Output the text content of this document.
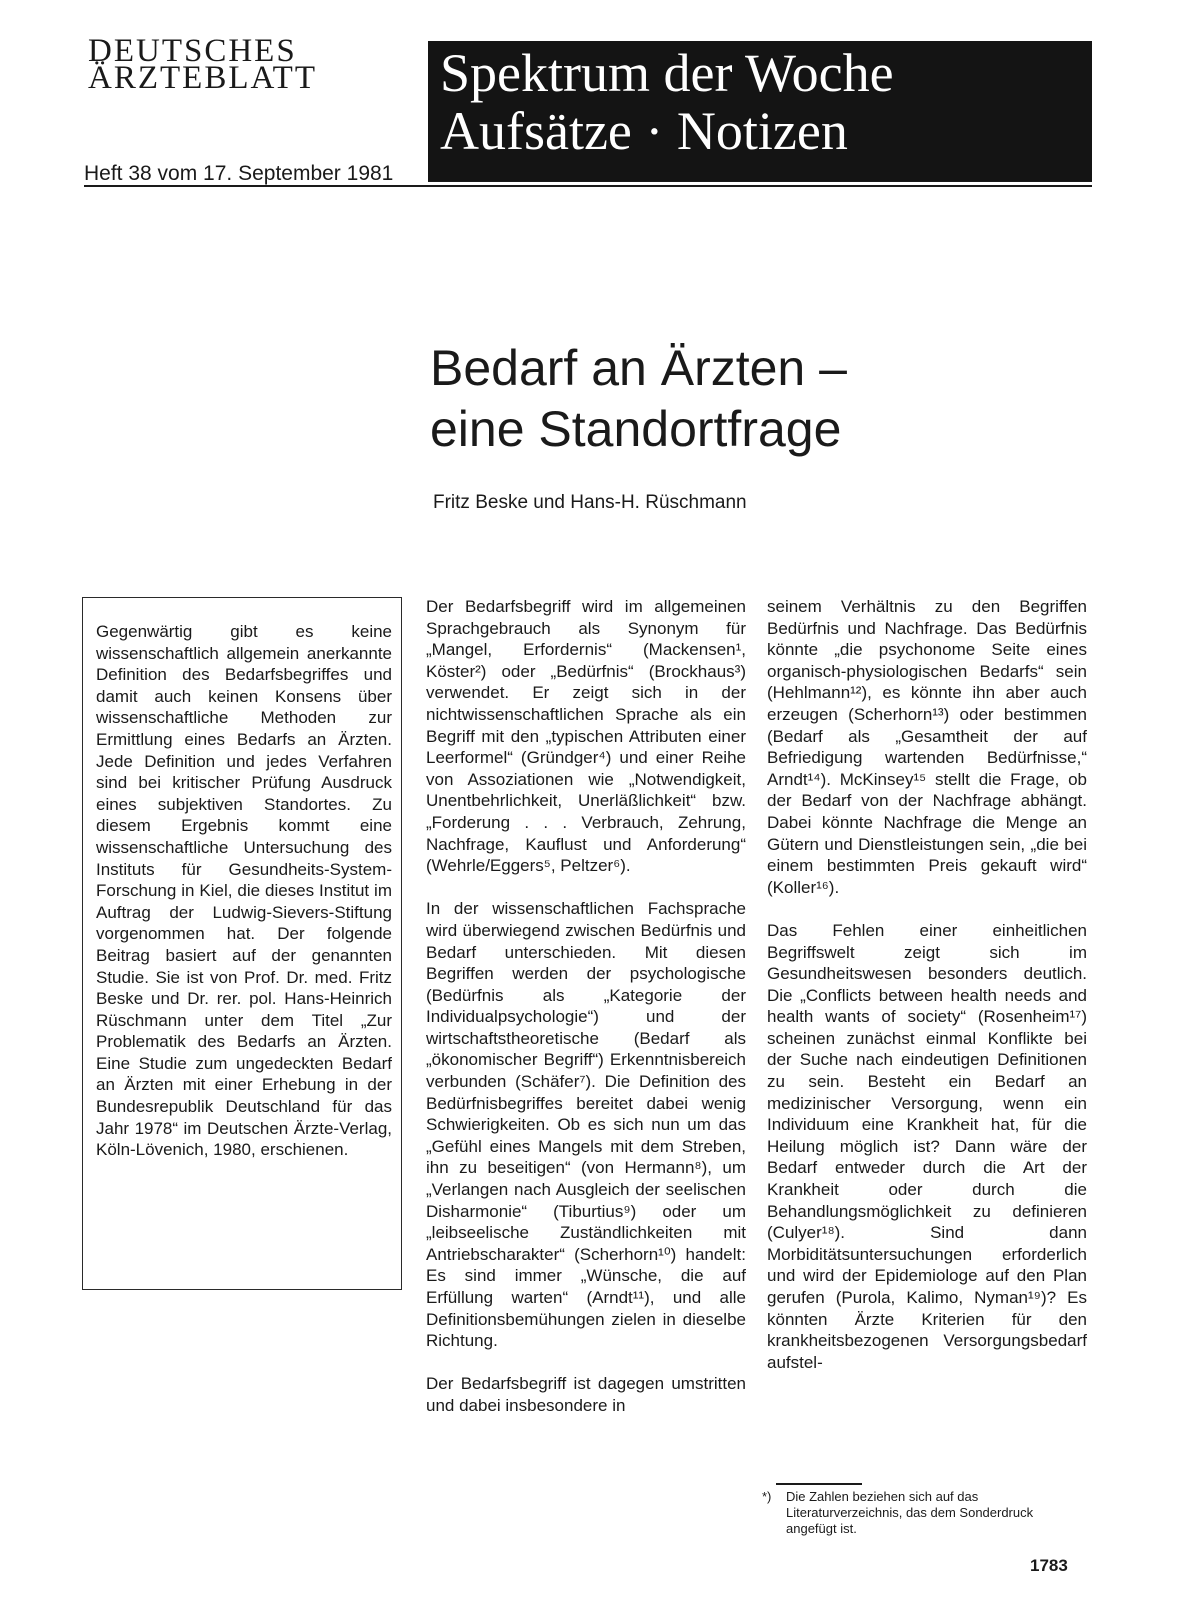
DEUTSCHES
ÄRZTEBLATT
Heft 38 vom 17. September 1981
Spektrum der Woche
Aufsätze · Notizen
Bedarf an Ärzten –
eine Standortfrage
Fritz Beske und Hans-H. Rüschmann
Gegenwärtig gibt es keine wissenschaftlich allgemein anerkannte Definition des Bedarfsbegriffes und damit auch keinen Konsens über wissenschaftliche Methoden zur Ermittlung eines Bedarfs an Ärzten. Jede Definition und jedes Verfahren sind bei kritischer Prüfung Ausdruck eines subjektiven Standortes. Zu diesem Ergebnis kommt eine wissenschaftliche Untersuchung des Instituts für Gesundheits-System-Forschung in Kiel, die dieses Institut im Auftrag der Ludwig-Sievers-Stiftung vorgenommen hat. Der folgende Beitrag basiert auf der genannten Studie. Sie ist von Prof. Dr. med. Fritz Beske und Dr. rer. pol. Hans-Heinrich Rüschmann unter dem Titel „Zur Problematik des Bedarfs an Ärzten. Eine Studie zum ungedeckten Bedarf an Ärzten mit einer Erhebung in der Bundesrepublik Deutschland für das Jahr 1978“ im Deutschen Ärzte-Verlag, Köln-Lövenich, 1980, erschienen.

Der Bedarfsbegriff wird im allgemeinen Sprachgebrauch als Synonym für „Mangel, Erfordernis“ (Mackensen¹, Köster²) oder „Bedürfnis“ (Brockhaus³) verwendet. Er zeigt sich in der nichtwissenschaftlichen Sprache als ein Begriff mit den „typischen Attributen einer Leerformel“ (Gründger⁴) und einer Reihe von Assoziationen wie „Notwendigkeit, Unentbehrlichkeit, Unerläßlichkeit“ bzw. „Forderung . . . Verbrauch, Zehrung, Nachfrage, Kauflust und Anforderung“ (Wehrle/Eggers⁵, Peltzer⁶).

In der wissenschaftlichen Fachsprache wird überwiegend zwischen Bedürfnis und Bedarf unterschieden. Mit diesen Begriffen werden der psychologische (Bedürfnis als „Kategorie der Individualpsychologie“) und der wirtschaftstheoretische (Bedarf als „ökonomischer Begriff“) Erkenntnisbereich verbunden (Schäfer⁷). Die Definition des Bedürfnisbegriffes bereitet dabei wenig Schwierigkeiten. Ob es sich nun um das „Gefühl eines Mangels mit dem Streben, ihn zu beseitigen“ (von Hermann⁸), um „Verlangen nach Ausgleich der seelischen Disharmonie“ (Tiburtius⁹) oder um „leibseelische Zuständlichkeiten mit Antriebscharakter“ (Scherhorn¹⁰) handelt: Es sind immer „Wünsche, die auf Erfüllung warten“ (Arndt¹¹), und alle Definitionsbemühungen zielen in dieselbe Richtung.

Der Bedarfsbegriff ist dagegen umstritten und dabei insbesondere in

seinem Verhältnis zu den Begriffen Bedürfnis und Nachfrage. Das Bedürfnis könnte „die psychonome Seite eines organisch-physiologischen Bedarfs“ sein (Hehlmann¹²), es könnte ihn aber auch erzeugen (Scherhorn¹³) oder bestimmen (Bedarf als „Gesamtheit der auf Befriedigung wartenden Bedürfnisse,“ Arndt¹⁴). McKinsey¹⁵ stellt die Frage, ob der Bedarf von der Nachfrage abhängt. Dabei könnte Nachfrage die Menge an Gütern und Dienstleistungen sein, „die bei einem bestimmten Preis gekauft wird“ (Koller¹⁶).

Das Fehlen einer einheitlichen Begriffswelt zeigt sich im Gesundheitswesen besonders deutlich. Die „Conflicts between health needs and health wants of society“ (Rosenheim¹⁷) scheinen zunächst einmal Konflikte bei der Suche nach eindeutigen Definitionen zu sein. Besteht ein Bedarf an medizinischer Versorgung, wenn ein Individuum eine Krankheit hat, für die Heilung möglich ist? Dann wäre der Bedarf entweder durch die Art der Krankheit oder durch die Behandlungsmöglichkeit zu definieren (Culyer¹⁸). Sind dann Morbiditätsuntersuchungen erforderlich und wird der Epidemiologe auf den Plan gerufen (Purola, Kalimo, Nyman¹⁹)? Es könnten Ärzte Kriterien für den krankheitsbezogenen Versorgungsbedarf aufstel-

*) Die Zahlen beziehen sich auf das Literaturverzeichnis, das dem Sonderdruck angefügt ist.
1783
